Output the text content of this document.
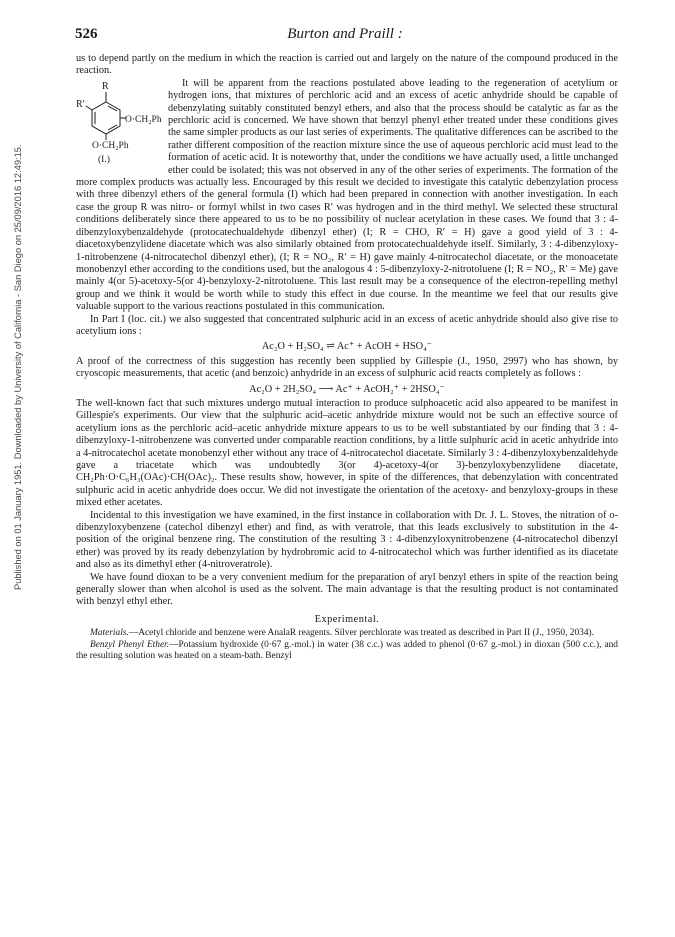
Published on 01 January 1951. Downloaded by University of California - San Diego on 25/09/2016 12:49:15.
526	Burton and Praill :

us to depend partly on the medium in which the reaction is carried out and largely on the nature of the compound produced in the reaction.

R
R′
O·CH₂Ph
O·CH₂Ph
(I.)
It will be apparent from the reactions postulated above leading to the regeneration of acetylium or hydrogen ions, that mixtures of perchloric acid and an excess of acetic anhydride should be capable of debenzylating suitably constituted benzyl ethers, and also that the process should be catalytic as far as the perchloric acid is concerned. We have shown that benzyl phenyl ether treated under these conditions gives the same simpler products as our last series of experiments. The qualitative differences can be ascribed to the rather different composition of the reaction mixture since the use of aqueous perchloric acid must lead to the formation of acetic acid. It is noteworthy that, under the conditions we have actually used, a little unchanged ether could be isolated; this was not observed in any of the other series of experiments. The formation of the more complex products was actually less. Encouraged by this result we decided to investigate this catalytic debenzylation process with three dibenzyl ethers of the general formula (I) which had been prepared in connection with another investigation. In each case the group R was nitro- or formyl whilst in two cases R′ was hydrogen and in the third methyl. We selected these structural conditions deliberately since there appeared to us to be no possibility of nuclear acetylation in these cases. We found that 3 : 4-dibenzyloxybenzaldehyde (protocatechualdehyde dibenzyl ether) (I; R = CHO, R′ = H) gave a good yield of 3 : 4-diacetoxybenzylidene diacetate which was also similarly obtained from protocatechualdehyde itself. Similarly, 3 : 4-dibenzyloxy-1-nitrobenzene (4-nitrocatechol dibenzyl ether), (I; R = NO₂, R′ = H) gave mainly 4-nitrocatechol diacetate, or the monoacetate monobenzyl ether according to the conditions used, but the analogous 4 : 5-dibenzyloxy-2-nitrotoluene (I; R = NO₂, R′ = Me) gave mainly 4(or 5)-acetoxy-5(or 4)-benzyloxy-2-nitrotoluene. This last result may be a consequence of the electron-repelling methyl group and we think it would be worth while to study this effect in due course. In the meantime we feel that our results give valuable support to the various reactions postulated in this communication.

In Part I (loc. cit.) we also suggested that concentrated sulphuric acid in an excess of acetic anhydride should also give rise to acetylium ions :

Ac₂O + H₂SO₄ ⇌ Ac⁺ + AcOH + HSO₄⁻

A proof of the correctness of this suggestion has recently been supplied by Gillespie (J., 1950, 2997) who has shown, by cryoscopic measurements, that acetic (and benzoic) anhydride in an excess of sulphuric acid reacts completely as follows :

Ac₂O + 2H₂SO₄ ⟶ Ac⁺ + AcOH₂⁺ + 2HSO₄⁻

The well-known fact that such mixtures undergo mutual interaction to produce sulphoacetic acid also appeared to be manifest in Gillespie's experiments. Our view that the sulphuric acid–acetic anhydride mixture would not be such an effective source of acetylium ions as the perchloric acid–acetic anhydride mixture appears to us to be well substantiated by our finding that 3 : 4-dibenzyloxy-1-nitrobenzene was converted under comparable reaction conditions, by a little sulphuric acid in acetic anhydride into a 4-nitrocatechol acetate monobenzyl ether without any trace of 4-nitrocatechol diacetate. Similarly 3 : 4-dibenzyloxybenzaldehyde gave a triacetate which was undoubtedly 3(or 4)-acetoxy-4(or 3)-benzyloxybenzylidene diacetate, CH₂Ph·O·C₆H₃(OAc)·CH(OAc)₂. These results show, however, in spite of the differences, that debenzylation with concentrated sulphuric acid in acetic anhydride does occur. We did not investigate the orientation of the acetoxy- and benzyloxy-groups in these mixed ether acetates.

Incidental to this investigation we have examined, in the first instance in collaboration with Dr. J. L. Stoves, the nitration of o-dibenzyloxybenzene (catechol dibenzyl ether) and find, as with veratrole, that this leads exclusively to substitution in the 4-position of the original benzene ring. The constitution of the resulting 3 : 4-dibenzyloxynitrobenzene (4-nitrocatechol dibenzyl ether) was proved by its ready debenzylation by hydrobromic acid to 4-nitrocatechol which was further identified as its diacetate and also as its dimethyl ether (4-nitroveratrole).

We have found dioxan to be a very convenient medium for the preparation of aryl benzyl ethers in spite of the reaction being generally slower than when alcohol is used as the solvent. The main advantage is that the resulting product is not contaminated with benzyl ethyl ether.

Experimental.

Materials.—Acetyl chloride and benzene were AnalaR reagents. Silver perchlorate was treated as described in Part II (J., 1950, 2034).

Benzyl Phenyl Ether.—Potassium hydroxide (0·67 g.-mol.) in water (38 c.c.) was added to phenol (0·67 g.-mol.) in dioxan (500 c.c.), and the resulting solution was heated on a steam-bath. Benzyl
